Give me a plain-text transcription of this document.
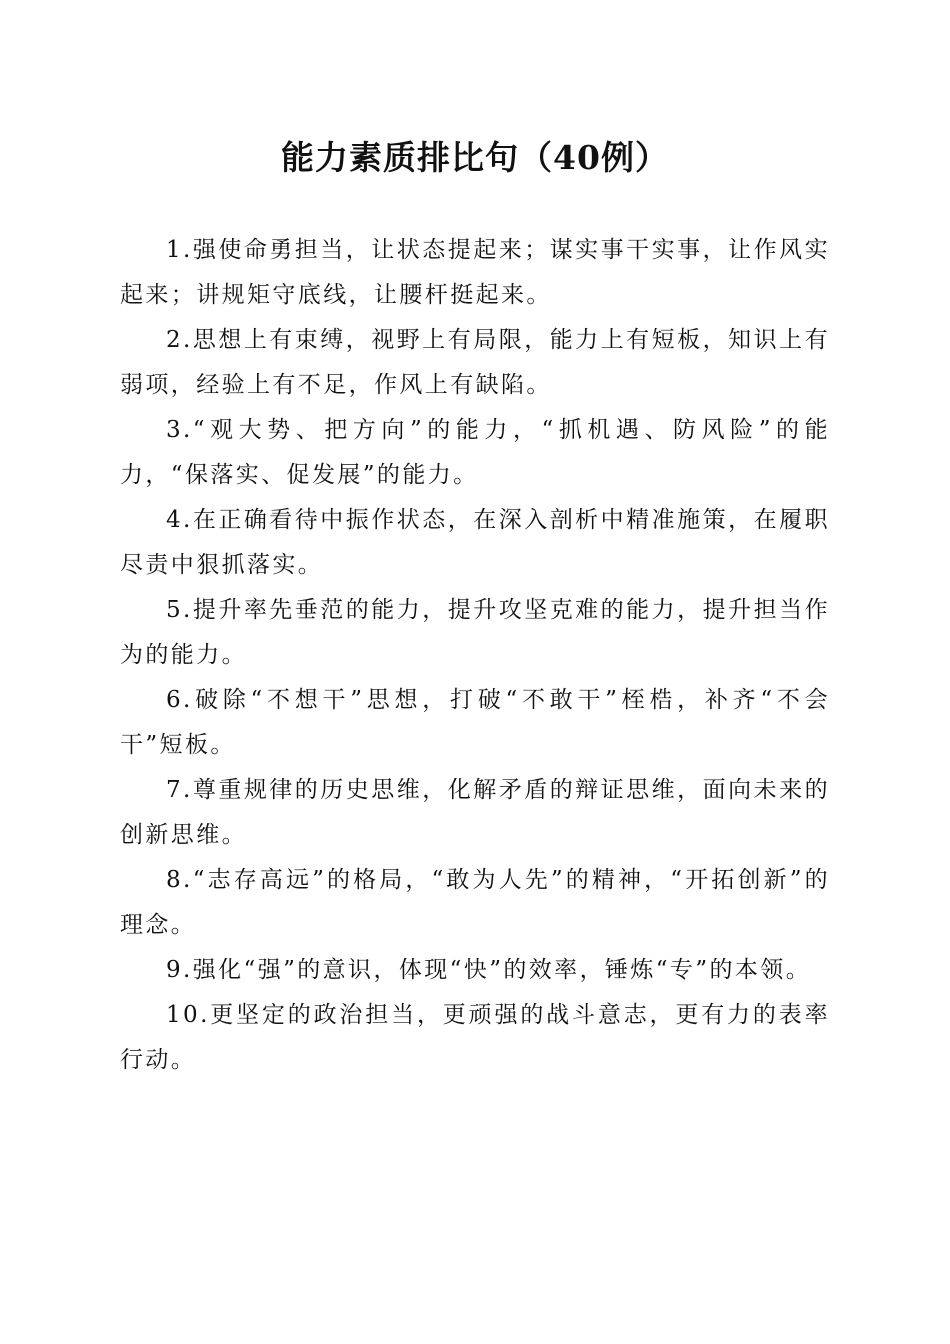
能力素质排比句（40例）

1.强使命勇担当，让状态提起来；谋实事干实事，让作风实起来；讲规矩守底线，让腰杆挺起来。

2.思想上有束缚，视野上有局限，能力上有短板，知识上有弱项，经验上有不足，作风上有缺陷。

3.“观大势、把方向”的能力，“抓机遇、防风险”的能力，“保落实、促发展”的能力。

4.在正确看待中振作状态，在深入剖析中精准施策，在履职尽责中狠抓落实。

5.提升率先垂范的能力，提升攻坚克难的能力，提升担当作为的能力。

6.破除“不想干”思想，打破“不敢干”桎梏，补齐“不会干”短板。

7.尊重规律的历史思维，化解矛盾的辩证思维，面向未来的创新思维。

8.“志存高远”的格局，“敢为人先”的精神，“开拓创新”的理念。

9.强化“强”的意识，体现“快”的效率，锤炼“专”的本领。

10.更坚定的政治担当，更顽强的战斗意志，更有力的表率行动。
